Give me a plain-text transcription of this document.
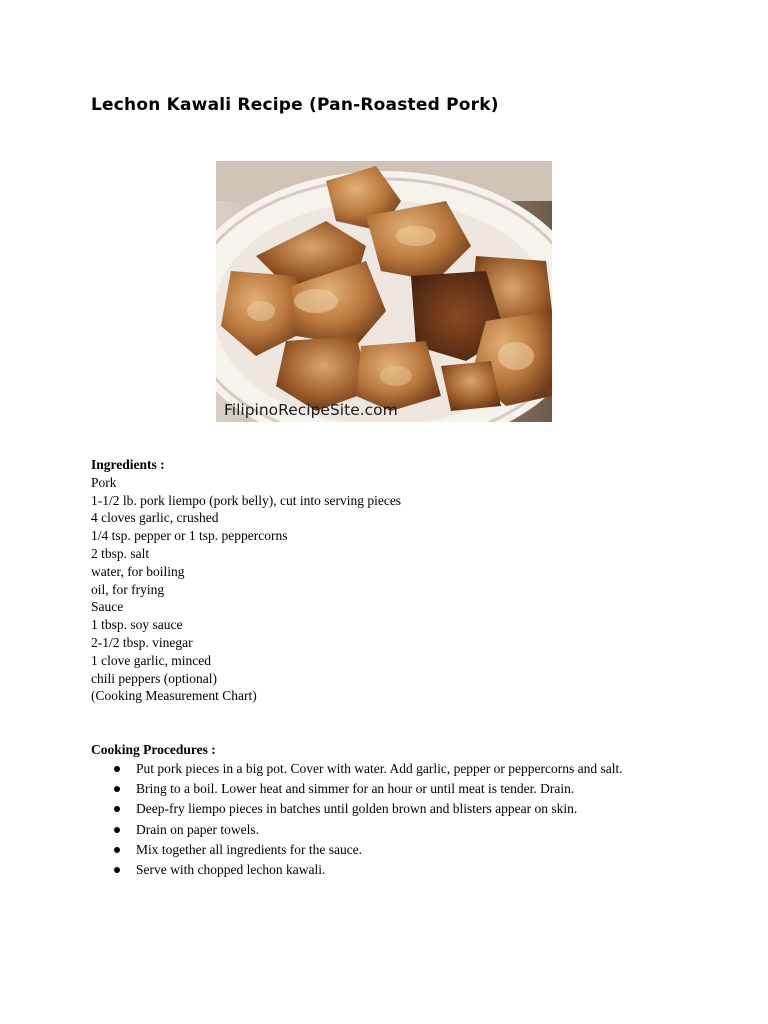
Lechon Kawali Recipe (Pan-Roasted Pork)
FilipinoRecipeSite.com
Ingredients :
Pork
1-1/2 lb. pork liempo (pork belly), cut into serving pieces
4 cloves garlic, crushed
1/4 tsp. pepper or 1 tsp. peppercorns
2 tbsp. salt
water, for boiling
oil, for frying
Sauce
1 tbsp. soy sauce
2-1/2 tbsp. vinegar
1 clove garlic, minced
chili peppers (optional)
(Cooking Measurement Chart)
Cooking Procedures :
Put pork pieces in a big pot. Cover with water. Add garlic, pepper or peppercorns and salt.
Bring to a boil. Lower heat and simmer for an hour or until meat is tender. Drain.
Deep-fry liempo pieces in batches until golden brown and blisters appear on skin.
Drain on paper towels.
Mix together all ingredients for the sauce.
Serve with chopped lechon kawali.
